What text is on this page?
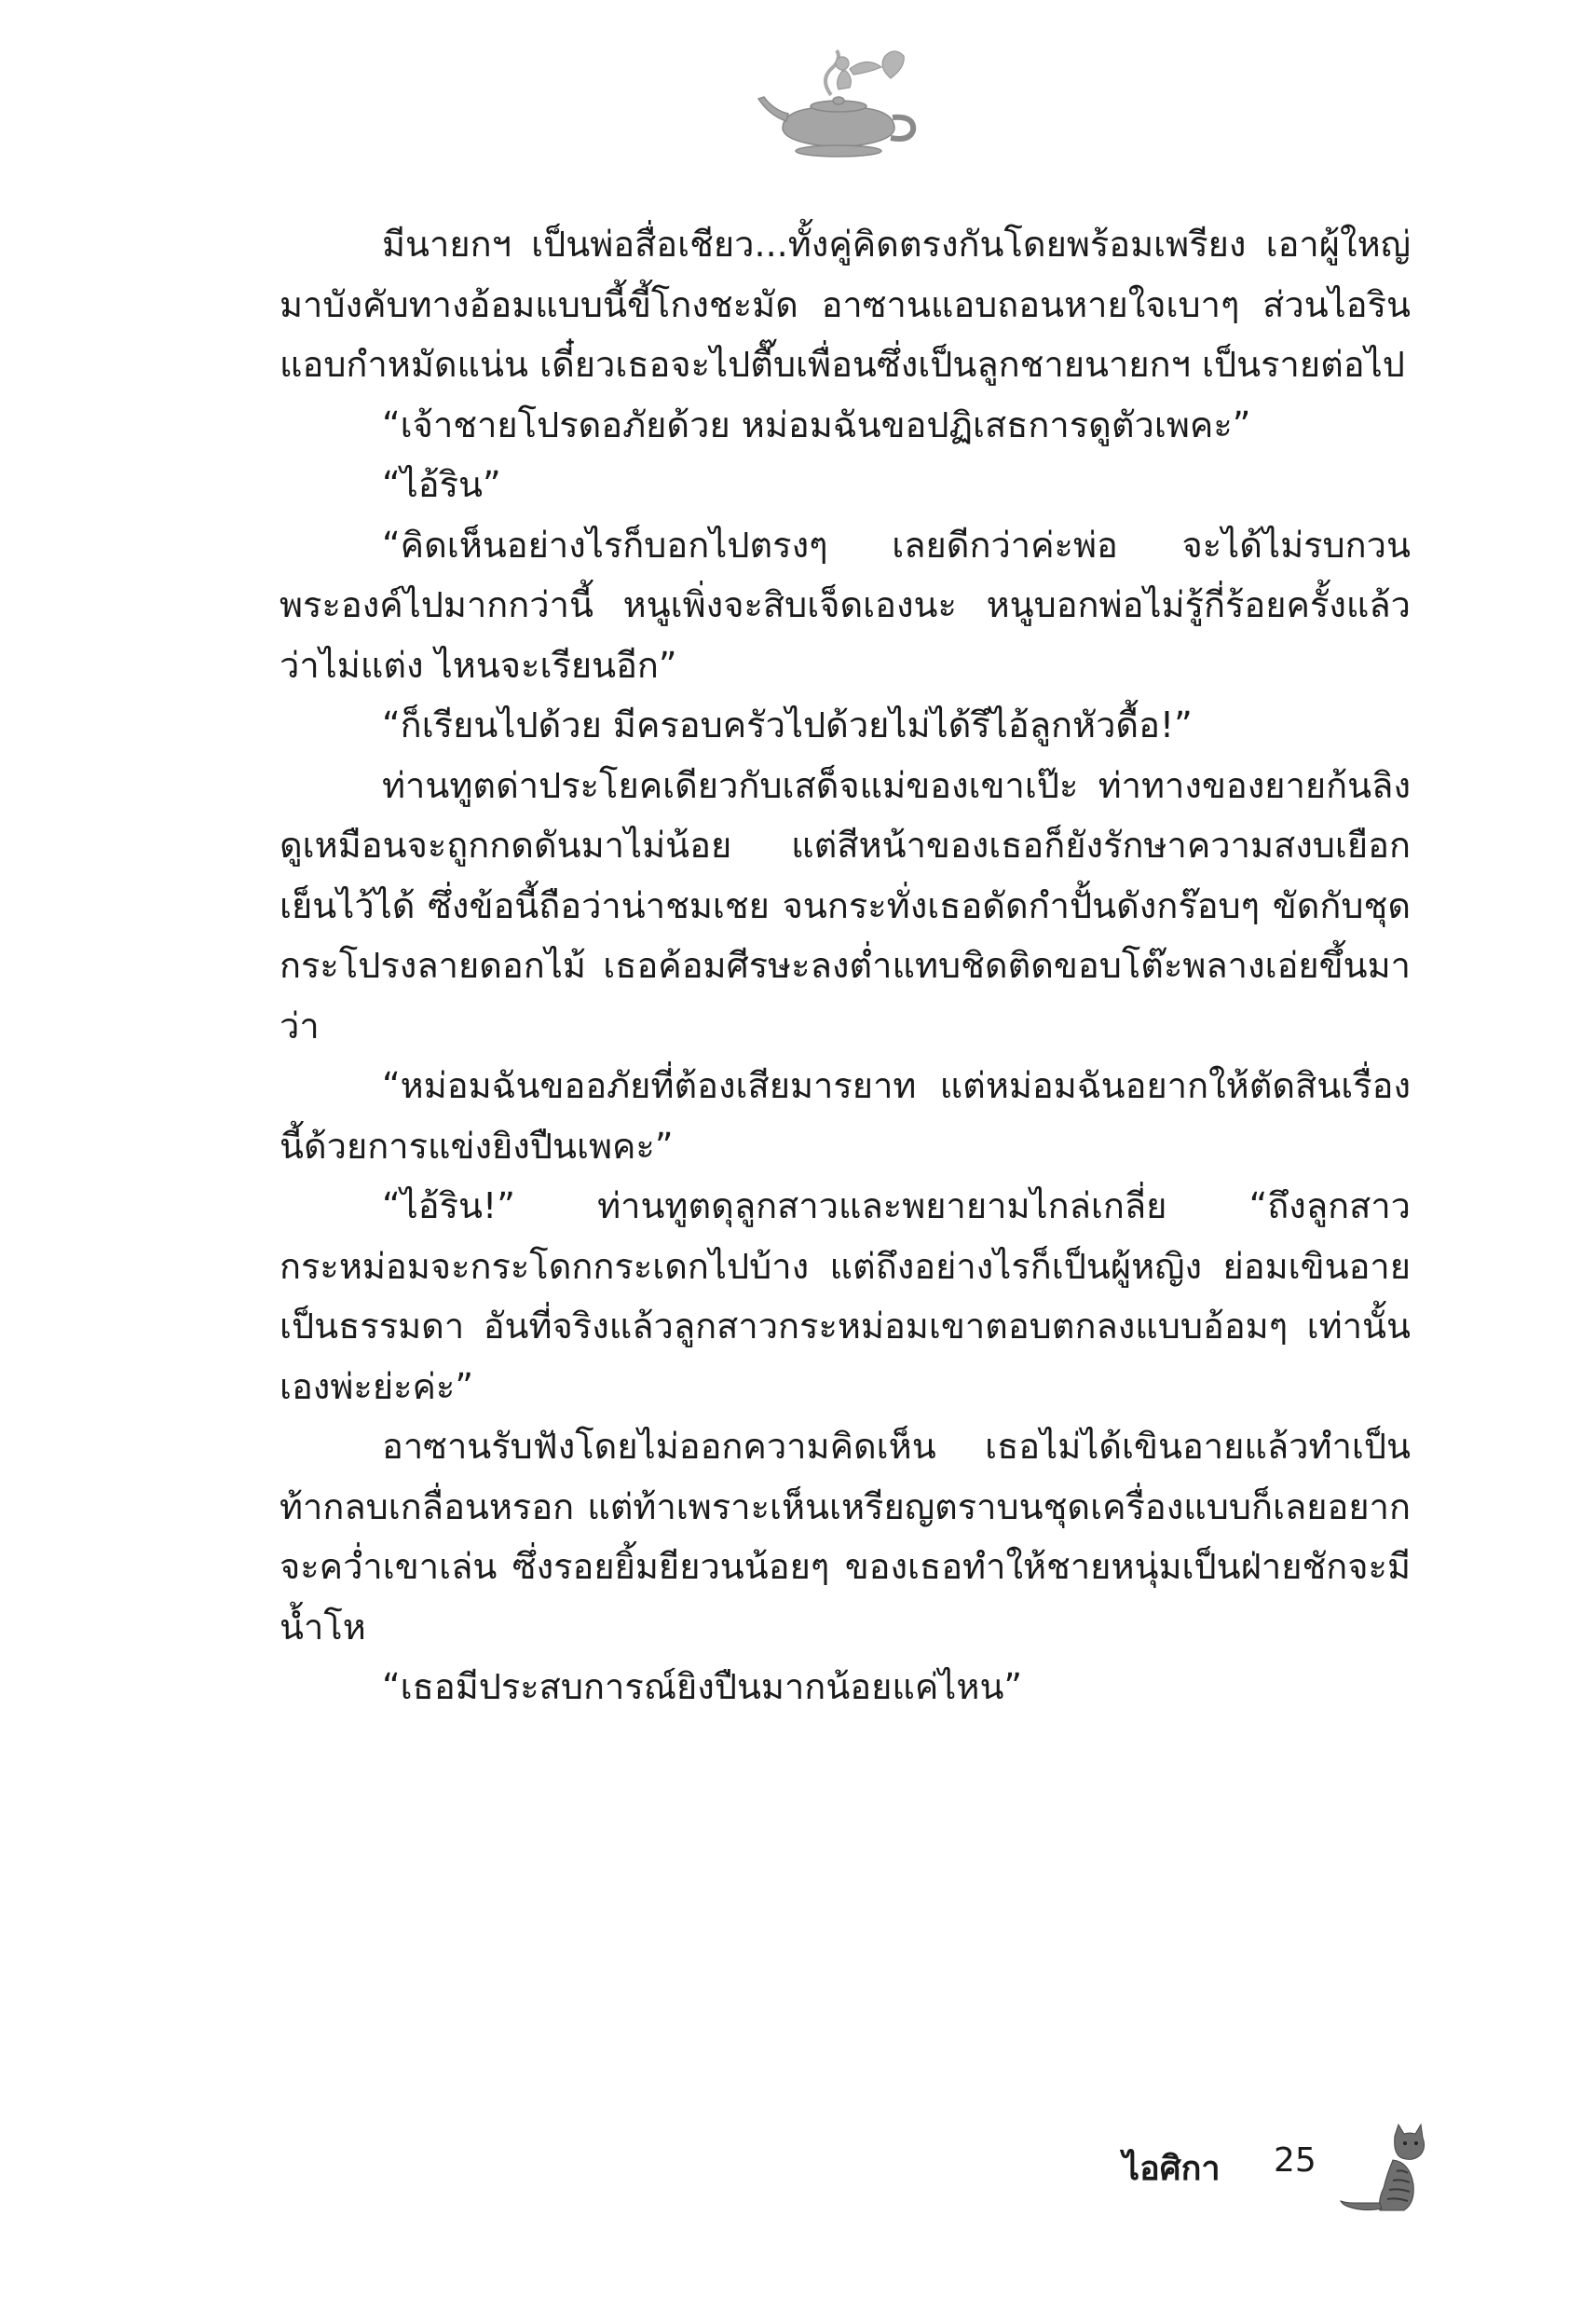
มีนายกฯ เป็นพ่อสื่อเชียว...ทั้งคู่คิดตรงกันโดยพร้อมเพรียง เอาผู้ใหญ่มาบังคับทางอ้อมแบบนี้ขี้โกงชะมัด อาซานแอบถอนหายใจเบาๆ ส่วนไอรินแอบกำหมัดแน่น เดี๋ยวเธอจะไปตื๊บเพื่อนซึ่งเป็นลูกชายนายกฯ เป็นรายต่อไป

“เจ้าชายโปรดอภัยด้วย หม่อมฉันขอปฏิเสธการดูตัวเพคะ”

“ไอ้ริน”

“คิดเห็นอย่างไรก็บอกไปตรงๆ เลยดีกว่าค่ะพ่อ จะได้ไม่รบกวนพระองค์ไปมากกว่านี้ หนูเพิ่งจะสิบเจ็ดเองนะ หนูบอกพ่อไม่รู้กี่ร้อยครั้งแล้วว่าไม่แต่ง ไหนจะเรียนอีก”

“ก็เรียนไปด้วย มีครอบครัวไปด้วยไม่ได้รึไอ้ลูกหัวดื้อ!”

ท่านทูตด่าประโยคเดียวกับเสด็จแม่ของเขาเป๊ะ ท่าทางของยายก้นลิงดูเหมือนจะถูกกดดันมาไม่น้อย แต่สีหน้าของเธอก็ยังรักษาความสงบเยือกเย็นไว้ได้ ซึ่งข้อนี้ถือว่าน่าชมเชย จนกระทั่งเธอดัดกำปั้นดังกร๊อบๆ ขัดกับชุดกระโปรงลายดอกไม้ เธอค้อมศีรษะลงต่ำแทบชิดติดขอบโต๊ะพลางเอ่ยขึ้นมาว่า

“หม่อมฉันขออภัยที่ต้องเสียมารยาท แต่หม่อมฉันอยากให้ตัดสินเรื่องนี้ด้วยการแข่งยิงปืนเพคะ”

“ไอ้ริน!” ท่านทูตดุลูกสาวและพยายามไกล่เกลี่ย “ถึงลูกสาวกระหม่อมจะกระโดกกระเดกไปบ้าง แต่ถึงอย่างไรก็เป็นผู้หญิง ย่อมเขินอายเป็นธรรมดา อันที่จริงแล้วลูกสาวกระหม่อมเขาตอบตกลงแบบอ้อมๆ เท่านั้นเองพ่ะย่ะค่ะ”

อาซานรับฟังโดยไม่ออกความคิดเห็น เธอไม่ได้เขินอายแล้วทำเป็นท้ากลบเกลื่อนหรอก แต่ท้าเพราะเห็นเหรียญตราบนชุดเครื่องแบบก็เลยอยากจะคว่ำเขาเล่น ซึ่งรอยยิ้มยียวนน้อยๆ ของเธอทำให้ชายหนุ่มเป็นฝ่ายชักจะมีน้ำโห

“เธอมีประสบการณ์ยิงปืนมากน้อยแค่ไหน”

ไอศิกา 25
